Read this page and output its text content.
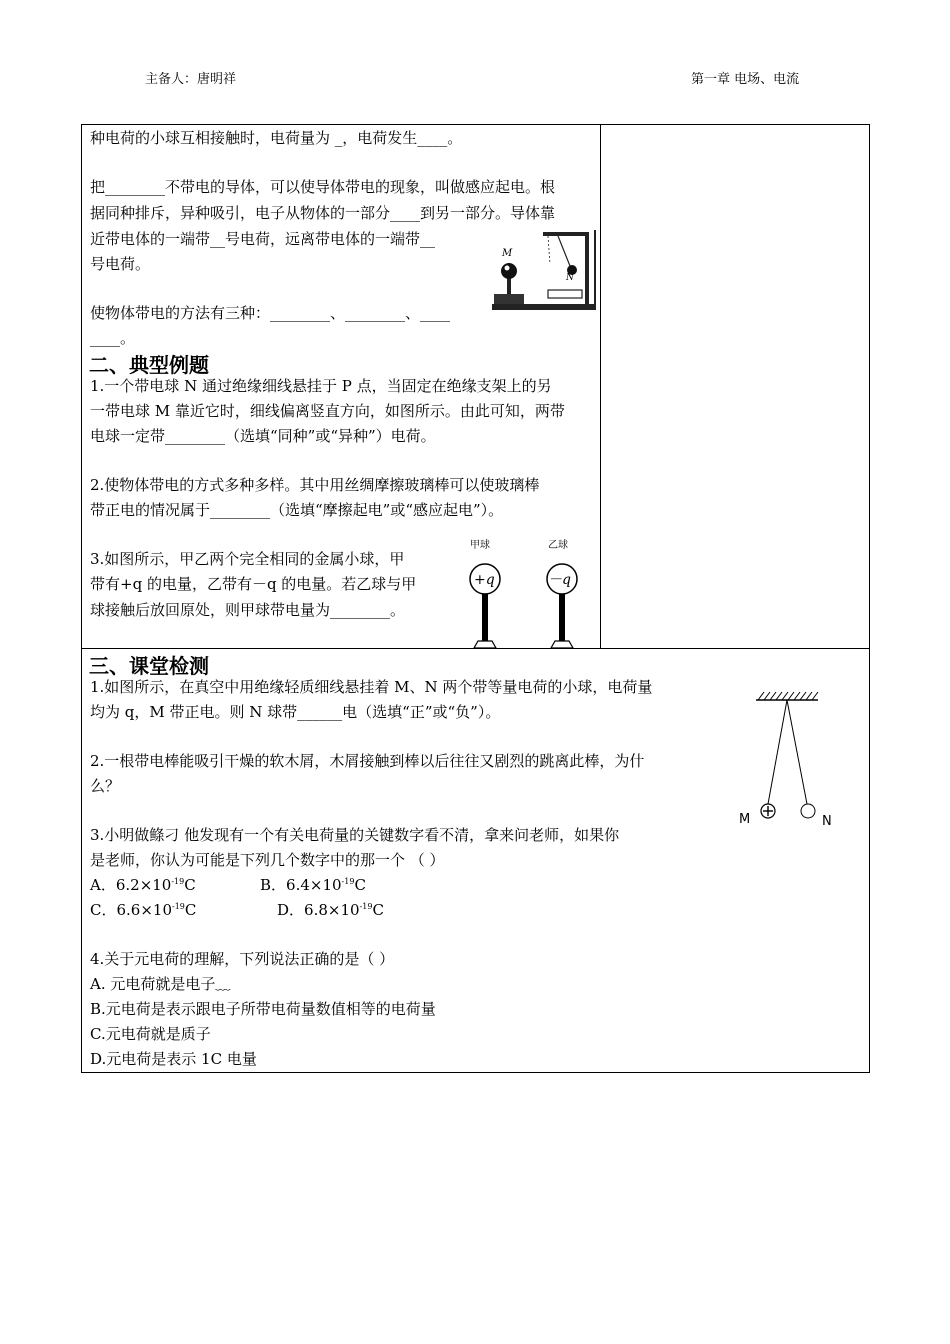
主备人：唐明祥	第一章 电场、电流
种电荷的小球互相接触时，电荷量为 _，电荷发生____。
把________不带电的导体，可以使导体带电的现象，叫做感应起电。根
据同种排斥，异种吸引，电子从物体的一部分____到另一部分。导体靠
近带电体的一端带__号电荷，远离带电体的一端带__
号电荷。
使物体带电的方法有三种：________、________、____
____。
M
N
二、典型例题
1.一个带电球 N 通过绝缘细线悬挂于 P 点，当固定在绝缘支架上的另
一带电球 M 靠近它时，细线偏离竖直方向，如图所示。由此可知，两带
电球一定带________（选填“同种”或“异种”）电荷。
2.使物体带电的方式多种多样。其中用丝绸摩擦玻璃棒可以使玻璃棒
带正电的情况属于________（选填“摩擦起电”或“感应起电”）。
3.如图所示，甲乙两个完全相同的金属小球，甲
带有+q 的电量，乙带有－q 的电量。若乙球与甲
球接触后放回原处，则甲球带电量为________。
甲球	乙球
+q	－q
三、课堂检测
1.如图所示，在真空中用绝缘轻质细线悬挂着 M、N 两个带等量电荷的小球，电荷量
均为 q，M 带正电。则 N 球带______电（选填“正”或“负”）。
2.一根带电棒能吸引干燥的软木屑，木屑接触到棒以后往往又剧烈的跳离此棒，为什
么？
3.小明做鲦刁 他发现有一个有关电荷量的关键数字看不清，拿来问老师，如果你
是老师，你认为可能是下列几个数字中的那一个 （ ）
A．$6.2\times 10^{-19}C$	B．$6.4\times 10^{-19}C$
C．$6.6\times 10^{-19}C$	D．$6.8\times 10^{-19}C$
4.关于元电荷的理解，下列说法正确的是（ ）
A. 元电荷就是电子﹏
B.元电荷是表示跟电子所带电荷量数值相等的电荷量
C.元电荷就是质子
D.元电荷是表示 1C 电量
M	N
